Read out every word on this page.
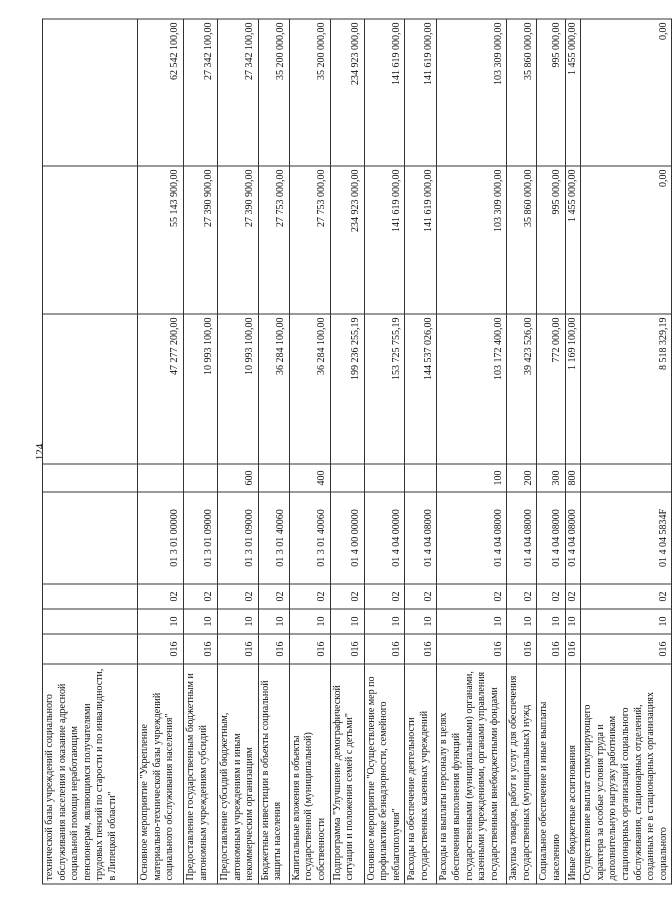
124
технической базы учреждений социального обслуживания населения и оказание адресной социальной помощи неработающим пенсионерам, являющимся получателями трудовых пенсий по старости и по инвалидности, в Липецкой области"								
Основное мероприятие "Укрепление материально-технической базы учреждений социального обслуживания населения"	016	10	02	01 3 01 00000		47 277 200,00	55 143 900,00	62 542 100,00
Предоставление государственным бюджетным и автономным учреждениям субсидий	016	10	02	01 3 01 09000		10 993 100,00	27 390 900,00	27 342 100,00
Предоставление субсидий бюджетным, автономным учреждениям и иным некоммерческим организациям	016	10	02	01 3 01 09000	600	10 993 100,00	27 390 900,00	27 342 100,00
Бюджетные инвестиции в объекты социальной защиты населения	016	10	02	01 3 01 40060		36 284 100,00	27 753 000,00	35 200 000,00
Капитальные вложения в объекты государственной (муниципальной) собственности	016	10	02	01 3 01 40060	400	36 284 100,00	27 753 000,00	35 200 000,00
Подпрограмма "Улучшение демографической ситуации и положения семей с детьми"	016	10	02	01 4 00 00000		199 236 255,19	234 923 000,00	234 923 000,00
Основное мероприятие "Осуществление мер по профилактике безнадзорности, семейного неблагополучия"	016	10	02	01 4 04 00000		153 725 755,19	141 619 000,00	141 619 000,00
Расходы на обеспечение деятельности государственных казенных учреждений	016	10	02	01 4 04 08000		144 537 026,00	141 619 000,00	141 619 000,00
Расходы на выплаты персоналу в целях обеспечения выполнения функций государственными (муниципальными) органами, казенными учреждениями, органами управления государственными внебюджетными фондами	016	10	02	01 4 04 08000	100	103 172 400,00	103 309 000,00	103 309 000,00
Закупка товаров, работ и услуг для обеспечения государственных (муниципальных) нужд	016	10	02	01 4 04 08000	200	39 423 526,00	35 860 000,00	35 860 000,00
Социальное обеспечение и иные выплаты населению	016	10	02	01 4 04 08000	300	772 000,00	995 000,00	995 000,00
Иные бюджетные ассигнования	016	10	02	01 4 04 08000	800	1 169 100,00	1 455 000,00	1 455 000,00
Осуществление выплат стимулирующего характера за особые условия труда и дополнительную нагрузку работникам стационарных организаций социального обслуживания, стационарных отделений, созданных не в стационарных организациях социального	016	10	02	01 4 04 5834F		8 518 329,19	0,00	0,00
